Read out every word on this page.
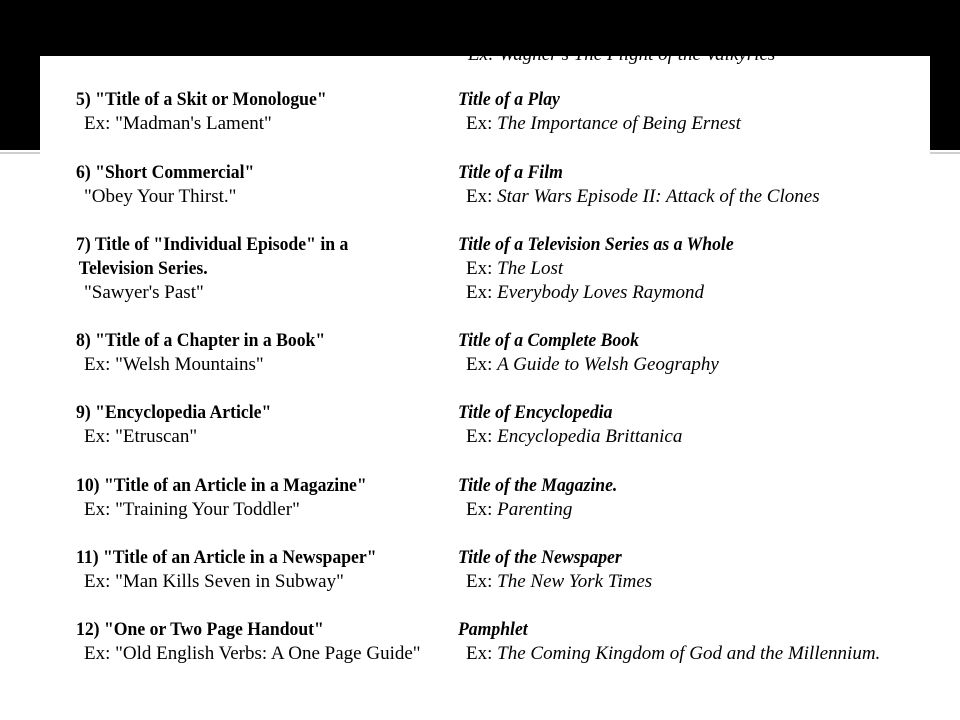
Ex: Wagner's The Flight of the Valkyries
5) "Title of a Skit or Monologue"
Ex: "Madman's Lament"
6) "Short Commercial"
"Obey Your Thirst."
7) Title of "Individual Episode" in a
Television Series.
"Sawyer's Past"
8) "Title of a Chapter in a Book"
Ex: "Welsh Mountains"
9) "Encyclopedia Article"
Ex: "Etruscan"
10) "Title of an Article in a Magazine"
Ex: "Training Your Toddler"
11) "Title of an Article in a Newspaper"
Ex: "Man Kills Seven in Subway"
12) "One or Two Page Handout"
Ex: "Old English Verbs: A One Page Guide"
Title of a Play
Ex: The Importance of Being Ernest
Title of a Film
Ex: Star Wars Episode II: Attack of the Clones
Title of a Television Series as a Whole
Ex: The Lost
Ex: Everybody Loves Raymond
Title of a Complete Book
Ex: A Guide to Welsh Geography
Title of Encyclopedia
Ex: Encyclopedia Brittanica
Title of the Magazine.
Ex: Parenting
Title of the Newspaper
Ex: The New York Times
Pamphlet
Ex: The Coming Kingdom of God and the Millennium.
